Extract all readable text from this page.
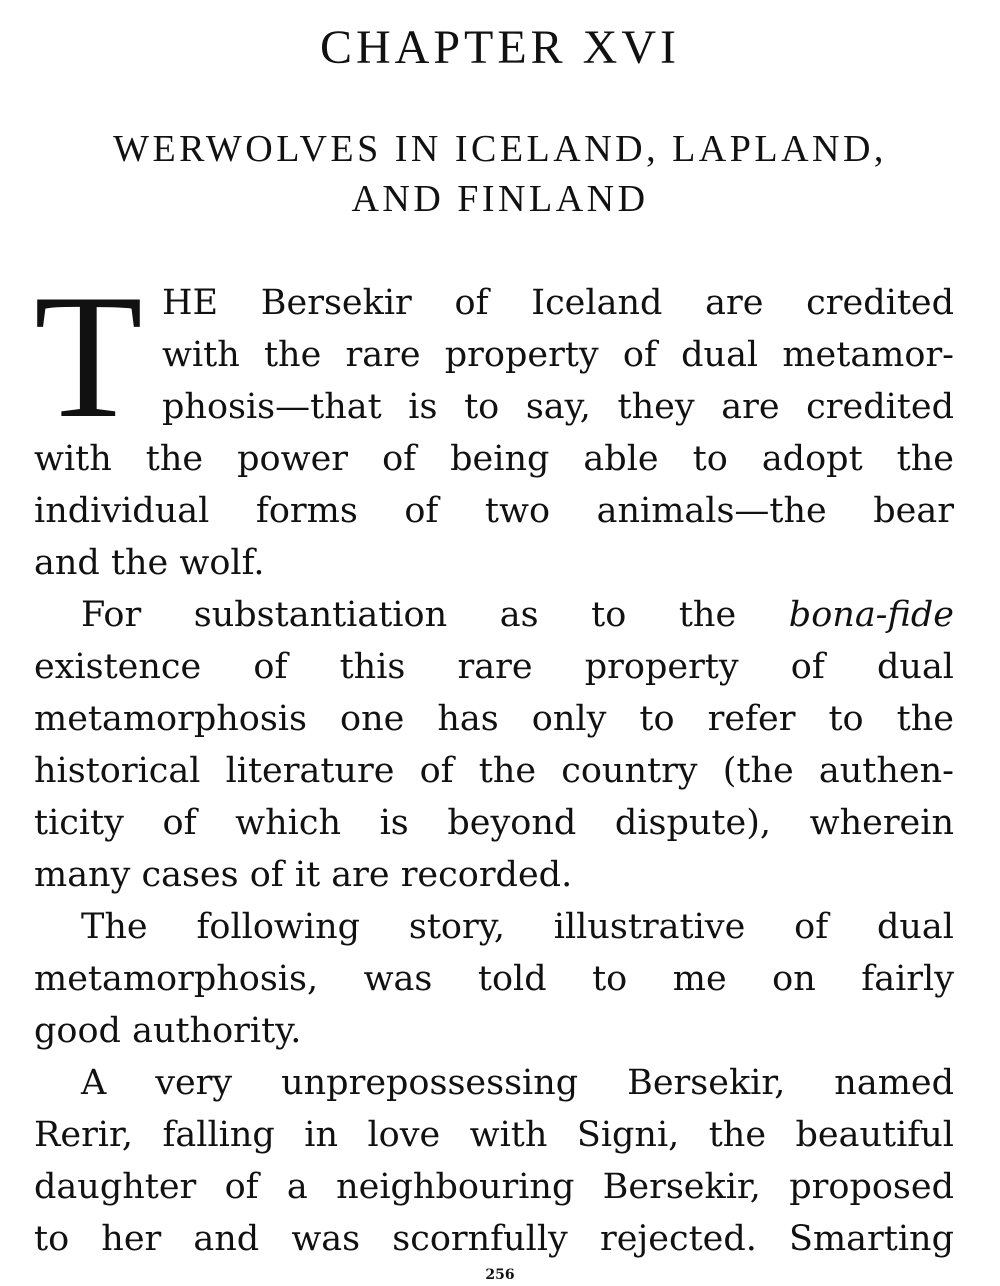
CHAPTER XVI
WERWOLVES IN ICELAND, LAPLAND,
AND FINLAND
T HE Bersekir of Iceland are credited
with the rare property of dual metamor-
phosis—that is to say, they are credited
with the power of being able to adopt the
individual forms of two animals—the bear
and the wolf.
For substantiation as to the bona-fide
existence of this rare property of dual
metamorphosis one has only to refer to the
historical literature of the country (the authen-
ticity of which is beyond dispute), wherein
many cases of it are recorded.
The following story, illustrative of dual
metamorphosis, was told to me on fairly
good authority.
A very unprepossessing Bersekir, named
Rerir, falling in love with Signi, the beautiful
daughter of a neighbouring Bersekir, proposed
to her and was scornfully rejected. Smarting
256
